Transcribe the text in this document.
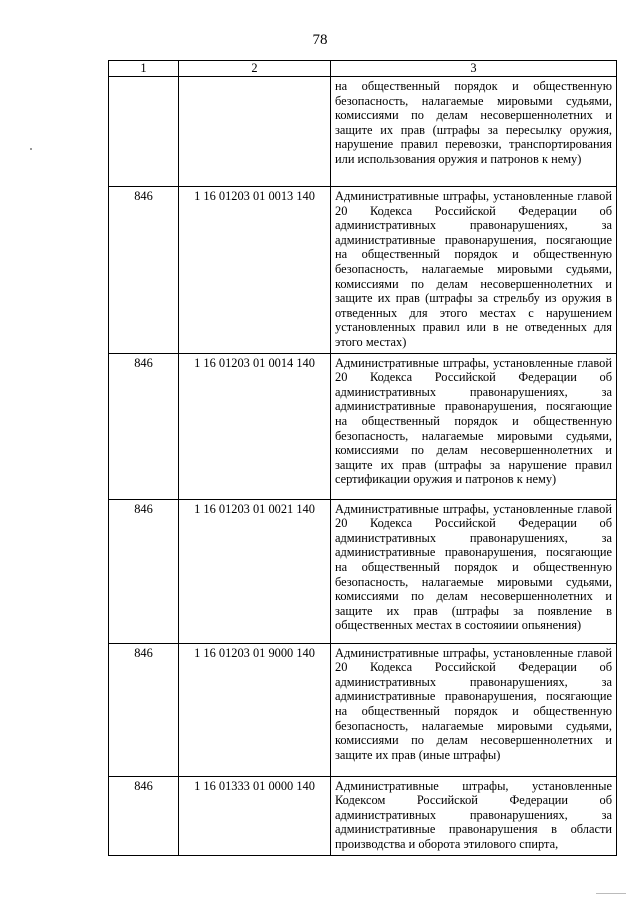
78
1	2	3
		на общественный порядок и общественную безопасность, налагаемые мировыми судьями, комиссиями по делам несовершеннолетних и защите их прав (штрафы за пересылку оружия, нарушение правил перевозки, транспортирования или использования оружия и патронов к нему)
846	1 16 01203 01 0013 140	Административные штрафы, установленные главой 20 Кодекса Российской Федерации об административных правонарушениях, за административные правонарушения, посягающие на общественный порядок и общественную безопасность, налагаемые мировыми судьями, комиссиями по делам несовершеннолетних и защите их прав (штрафы за стрельбу из оружия в отведенных для этого местах с нарушением установленных правил или в не отведенных для этого местах)
846	1 16 01203 01 0014 140	Административные штрафы, установленные главой 20 Кодекса Российской Федерации об административных правонарушениях, за административные правонарушения, посягающие на общественный порядок и общественную безопасность, налагаемые мировыми судьями, комиссиями по делам несовершеннолетних и защите их прав (штрафы за нарушение правил сертификации оружия и патронов к нему)
846	1 16 01203 01 0021 140	Административные штрафы, установленные главой 20 Кодекса Российской Федерации об административных правонарушениях, за административные правонарушения, посягающие на общественный порядок и общественную безопасность, налагаемые мировыми судьями, комиссиями по делам несовершеннолетних и защите их прав (штрафы за появление в общественных местах в состояиии опьянения)
846	1 16 01203 01 9000 140	Административные штрафы, установленные главой 20 Кодекса Российской Федерации об административных правонарушениях, за административные правонарушения, посягающие на общественный порядок и общественную безопасность, налагаемые мировыми судьями, комиссиями по делам несовершеннолетних и защите их прав (иные штрафы)
846	1 16 01333 01 0000 140	Административные штрафы, установленные Кодексом Российской Федерации об административных правонарушениях, за административные правонарушения в области производства и оборота этилового спирта,
